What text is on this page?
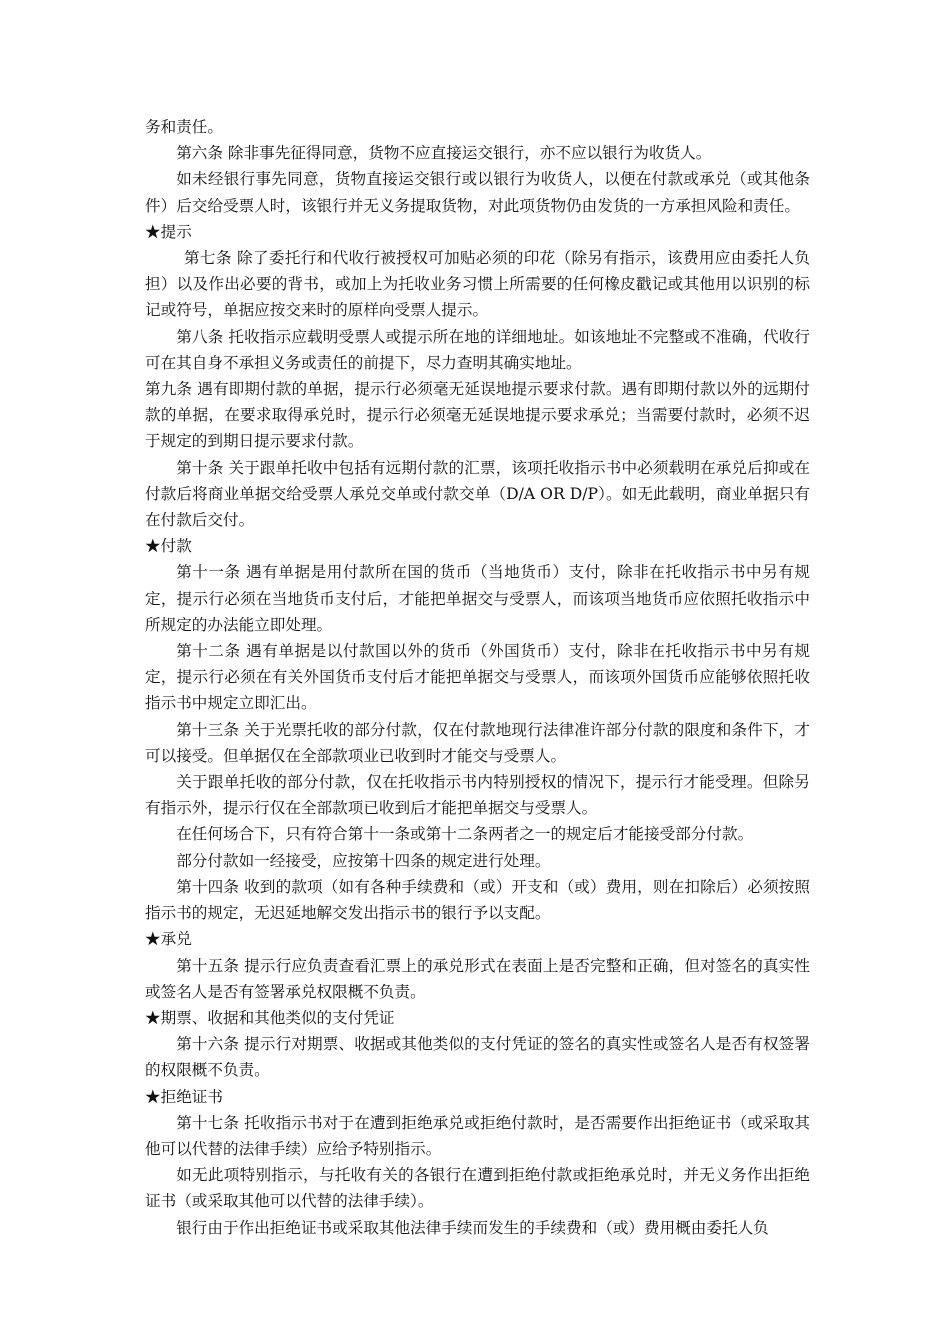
务和责任。

第六条 除非事先征得同意，货物不应直接运交银行，亦不应以银行为收货人。

如未经银行事先同意，货物直接运交银行或以银行为收货人，以便在付款或承兑（或其他条件）后交给受票人时，该银行并无义务提取货物，对此项货物仍由发货的一方承担风险和责任。

★提示

第七条 除了委托行和代收行被授权可加贴必须的印花（除另有指示，该费用应由委托人负担）以及作出必要的背书，或加上为托收业务习惯上所需要的任何橡皮戳记或其他用以识别的标记或符号，单据应按交来时的原样向受票人提示。

第八条 托收指示应载明受票人或提示所在地的详细地址。如该地址不完整或不准确，代收行可在其自身不承担义务或责任的前提下，尽力查明其确实地址。

第九条 遇有即期付款的单据，提示行必须毫无延误地提示要求付款。遇有即期付款以外的远期付款的单据，在要求取得承兑时，提示行必须毫无延误地提示要求承兑；当需要付款时，必须不迟于规定的到期日提示要求付款。

第十条 关于跟单托收中包括有远期付款的汇票，该项托收指示书中必须载明在承兑后抑或在付款后将商业单据交给受票人承兑交单或付款交单（D/A OR D/P）。如无此载明，商业单据只有在付款后交付。

★付款

第十一条 遇有单据是用付款所在国的货币（当地货币）支付，除非在托收指示书中另有规定，提示行必须在当地货币支付后，才能把单据交与受票人，而该项当地货币应依照托收指示中所规定的办法能立即处理。

第十二条 遇有单据是以付款国以外的货币（外国货币）支付，除非在托收指示书中另有规定，提示行必须在有关外国货币支付后才能把单据交与受票人，而该项外国货币应能够依照托收指示书中规定立即汇出。

第十三条 关于光票托收的部分付款，仅在付款地现行法律准许部分付款的限度和条件下，才可以接受。但单据仅在全部款项业已收到时才能交与受票人。

关于跟单托收的部分付款，仅在托收指示书内特别授权的情况下，提示行才能受理。但除另有指示外，提示行仅在全部款项已收到后才能把单据交与受票人。

在任何场合下，只有符合第十一条或第十二条两者之一的规定后才能接受部分付款。

部分付款如一经接受，应按第十四条的规定进行处理。

第十四条 收到的款项（如有各种手续费和（或）开支和（或）费用，则在扣除后）必须按照指示书的规定，无迟延地解交发出指示书的银行予以支配。

★承兑

第十五条 提示行应负责查看汇票上的承兑形式在表面上是否完整和正确，但对签名的真实性或签名人是否有签署承兑权限概不负责。

★期票、收据和其他类似的支付凭证

第十六条 提示行对期票、收据或其他类似的支付凭证的签名的真实性或签名人是否有权签署的权限概不负责。

★拒绝证书

第十七条 托收指示书对于在遭到拒绝承兑或拒绝付款时，是否需要作出拒绝证书（或采取其他可以代替的法律手续）应给予特别指示。

如无此项特别指示，与托收有关的各银行在遭到拒绝付款或拒绝承兑时，并无义务作出拒绝证书（或采取其他可以代替的法律手续）。

银行由于作出拒绝证书或采取其他法律手续而发生的手续费和（或）费用概由委托人负
